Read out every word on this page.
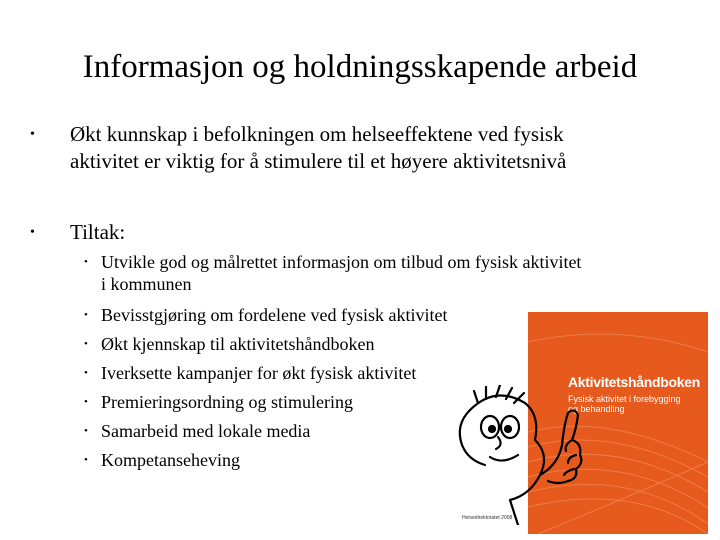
Informasjon og holdningsskapende arbeid
• Økt kunnskap i befolkningen om helseeffektene ved fysisk
aktivitet er viktig for å stimulere til et høyere aktivitetsnivå
• Tiltak:
• Utvikle god og målrettet informasjon om tilbud om fysisk aktivitet
i kommunen
• Bevisstgjøring om fordelene ved fysisk aktivitet
• Økt kjennskap til aktivitetshåndboken
• Iverksette kampanjer for økt fysisk aktivitet
• Premieringsordning og stimulering
• Samarbeid med lokale media
• Kompetanseheving
Aktivitetshåndboken
Fysisk aktivitet i forebygging
og behandling
Helsedirektoratet 2008
